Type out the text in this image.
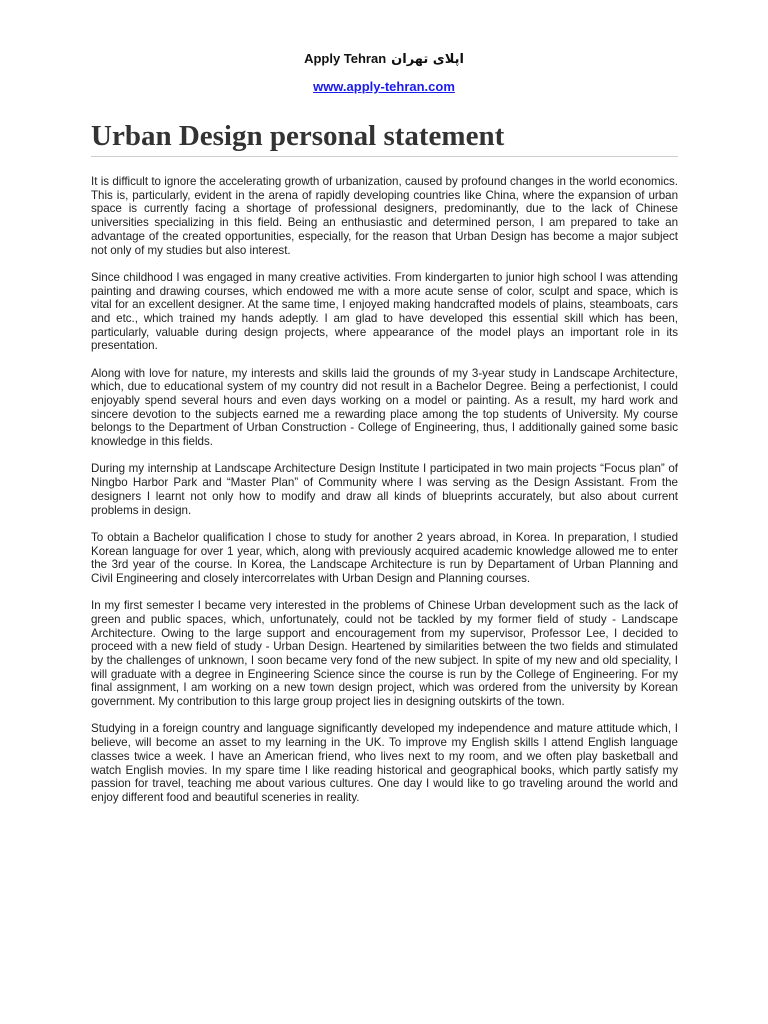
Apply Tehran اپلای تهران
www.apply-tehran.com
Urban Design personal statement

It is difficult to ignore the accelerating growth of urbanization, caused by profound changes in the world economics. This is, particularly, evident in the arena of rapidly developing countries like China, where the expansion of urban space is currently facing a shortage of professional designers, predominantly, due to the lack of Chinese universities specializing in this field. Being an enthusiastic and determined person, I am prepared to take an advantage of the created opportunities, especially, for the reason that Urban Design has become a major subject not only of my studies but also interest.

Since childhood I was engaged in many creative activities. From kindergarten to junior high school I was attending painting and drawing courses, which endowed me with a more acute sense of color, sculpt and space, which is vital for an excellent designer. At the same time, I enjoyed making handcrafted models of plains, steamboats, cars and etc., which trained my hands adeptly. I am glad to have developed this essential skill which has been, particularly, valuable during design projects, where appearance of the model plays an important role in its presentation.

Along with love for nature, my interests and skills laid the grounds of my 3-year study in Landscape Architecture, which, due to educational system of my country did not result in a Bachelor Degree. Being a perfectionist, I could enjoyably spend several hours and even days working on a model or painting. As a result, my hard work and sincere devotion to the subjects earned me a rewarding place among the top students of University. My course belongs to the Department of Urban Construction - College of Engineering, thus, I additionally gained some basic knowledge in this fields.

During my internship at Landscape Architecture Design Institute I participated in two main projects “Focus plan” of Ningbo Harbor Park and “Master Plan” of Community where I was serving as the Design Assistant. From the designers I learnt not only how to modify and draw all kinds of blueprints accurately, but also about current problems in design.

To obtain a Bachelor qualification I chose to study for another 2 years abroad, in Korea. In preparation, I studied Korean language for over 1 year, which, along with previously acquired academic knowledge allowed me to enter the 3rd year of the course. In Korea, the Landscape Architecture is run by Departament of Urban Planning and Civil Engineering and closely intercorrelates with Urban Design and Planning courses.

In my first semester I became very interested in the problems of Chinese Urban development such as the lack of green and public spaces, which, unfortunately, could not be tackled by my former field of study - Landscape Architecture. Owing to the large support and encouragement from my supervisor, Professor Lee, I decided to proceed with a new field of study - Urban Design. Heartened by similarities between the two fields and stimulated by the challenges of unknown, I soon became very fond of the new subject. In spite of my new and old speciality, I will graduate with a degree in Engineering Science since the course is run by the College of Engineering. For my final assignment, I am working on a new town design project, which was ordered from the university by Korean government. My contribution to this large group project lies in designing outskirts of the town.

Studying in a foreign country and language significantly developed my independence and mature attitude which, I believe, will become an asset to my learning in the UK. To improve my English skills I attend English language classes twice a week. I have an American friend, who lives next to my room, and we often play basketball and watch English movies. In my spare time I like reading historical and geographical books, which partly satisfy my passion for travel, teaching me about various cultures. One day I would like to go traveling around the world and enjoy different food and beautiful sceneries in reality.
